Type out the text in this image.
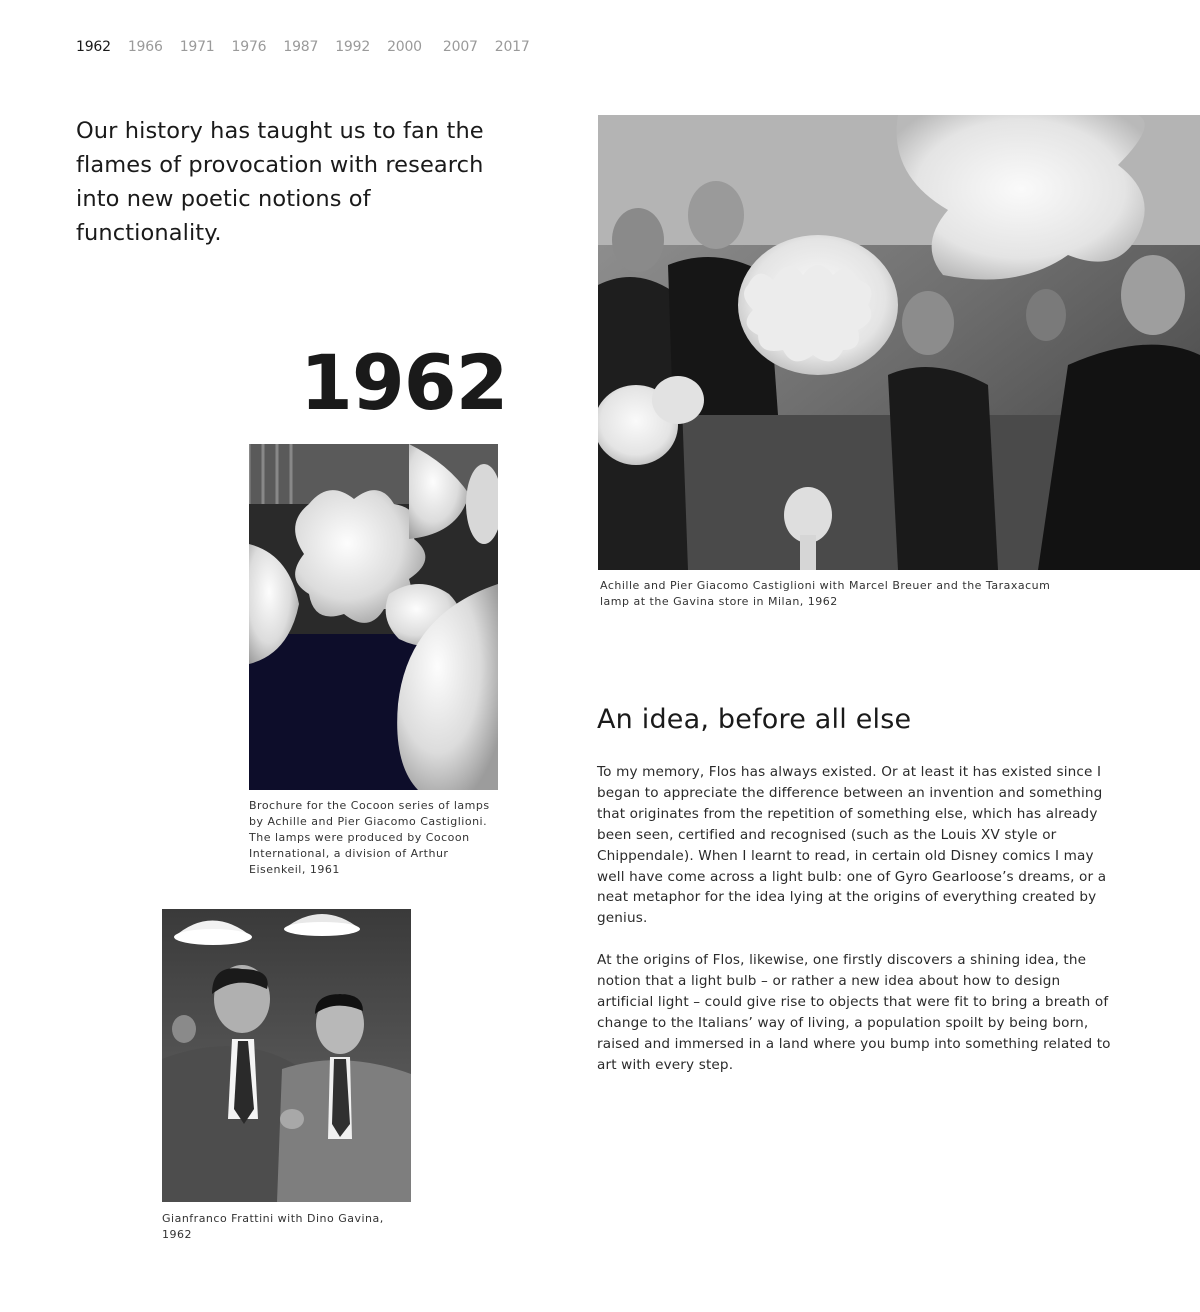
1962 1966 1971 1976 1987 1992 2000 2007 2017
Our history has taught us to fan the flames of provocation with research into new poetic notions of functionality.
1962

Achille and Pier Giacomo Castiglioni with Marcel Breuer and the Taraxacum lamp at the Gavina store in Milan, 1962

Brochure for the Cocoon series of lamps by Achille and Pier Giacomo Castiglioni. The lamps were produced by Cocoon International, a division of Arthur Eisenkeil, 1961

Gianfranco Frattini with Dino Gavina, 1962

An idea, before all else

To my memory, Flos has always existed. Or at least it has existed since I began to appreciate the difference between an invention and something that originates from the repetition of something else, which has already been seen, certified and recognised (such as the Louis XV style or Chippendale). When I learnt to read, in certain old Disney comics I may well have come across a light bulb: one of Gyro Gearloose’s dreams, or a neat metaphor for the idea lying at the origins of everything created by genius.

At the origins of Flos, likewise, one firstly discovers a shining idea, the notion that a light bulb – or rather a new idea about how to design artificial light – could give rise to objects that were fit to bring a breath of change to the Italians’ way of living, a population spoilt by being born, raised and immersed in a land where you bump into something related to art with every step.
